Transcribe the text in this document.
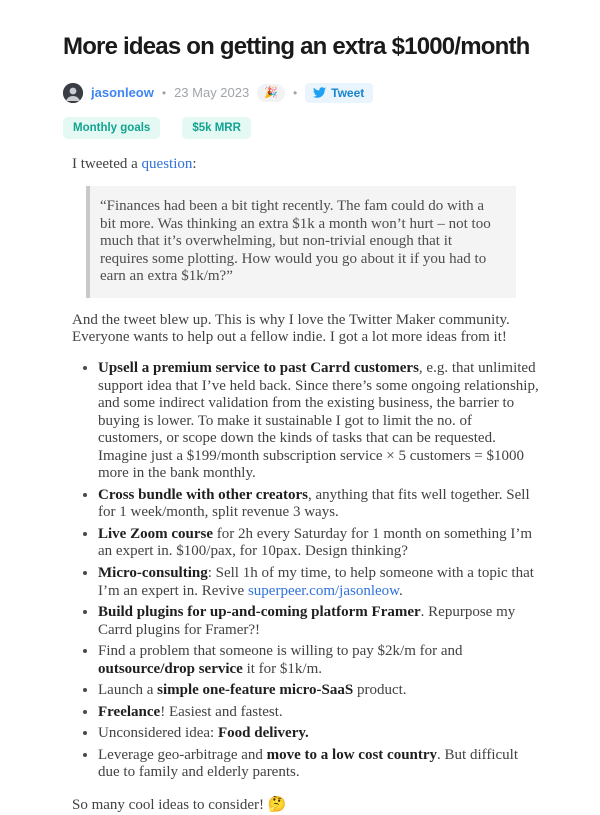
More ideas on getting an extra $1000/month
jasonleow • 23 May 2023	🎉	•	Tweet
Monthly goals	$5k MRR

I tweeted a question:

“Finances had been a bit tight recently. The fam could do with a bit more. Was thinking an extra $1k a month won’t hurt – not too much that it’s overwhelming, but non-trivial enough that it requires some plotting. How would you go about it if you had to earn an extra $1k/m?”

And the tweet blew up. This is why I love the Twitter Maker community. Everyone wants to help out a fellow indie. I got a lot more ideas from it!

• Upsell a premium service to past Carrd customers, e.g. that unlimited support idea that I’ve held back. Since there’s some ongoing relationship, and some indirect validation from the existing business, the barrier to buying is lower. To make it sustainable I got to limit the no. of customers, or scope down the kinds of tasks that can be requested. Imagine just a $199/month subscription service × 5 customers = $1000 more in the bank monthly.
• Cross bundle with other creators, anything that fits well together. Sell for 1 week/month, split revenue 3 ways.
• Live Zoom course for 2h every Saturday for 1 month on something I’m an expert in. $100/pax, for 10pax. Design thinking?
• Micro-consulting: Sell 1h of my time, to help someone with a topic that I’m an expert in. Revive superpeer.com/jasonleow.
• Build plugins for up-and-coming platform Framer. Repurpose my Carrd plugins for Framer?!
• Find a problem that someone is willing to pay $2k/m for and outsource/drop service it for $1k/m.
• Launch a simple one-feature micro-SaaS product.
• Freelance! Easiest and fastest.
• Unconsidered idea: Food delivery.
• Leverage geo-arbitrage and move to a low cost country. But difficult due to family and elderly parents.

So many cool ideas to consider! 🤔
